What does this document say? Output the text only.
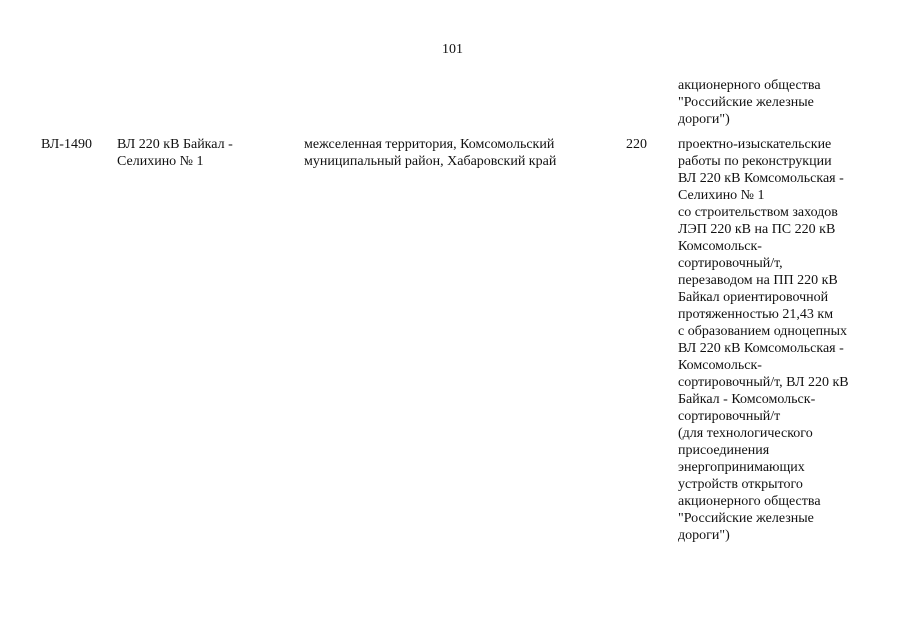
101
акционерного общества
"Российские железные
дороги")
ВЛ-1490	ВЛ 220 кВ Байкал -
Селихино № 1
межселенная территория, Комсомольский
муниципальный район, Хабаровский край
220	проектно-изыскательские
работы по реконструкции
ВЛ 220 кВ Комсомольская -
Селихино № 1
со строительством заходов
ЛЭП 220 кВ на ПС 220 кВ
Комсомольск-
сортировочный/т,
перезаводом на ПП 220 кВ
Байкал ориентировочной
протяженностью 21,43 км
с образованием одноцепных
ВЛ 220 кВ Комсомольская -
Комсомольск-
сортировочный/т, ВЛ 220 кВ
Байкал - Комсомольск-
сортировочный/т
(для технологического
присоединения
энергопринимающих
устройств открытого
акционерного общества
"Российские железные
дороги")
